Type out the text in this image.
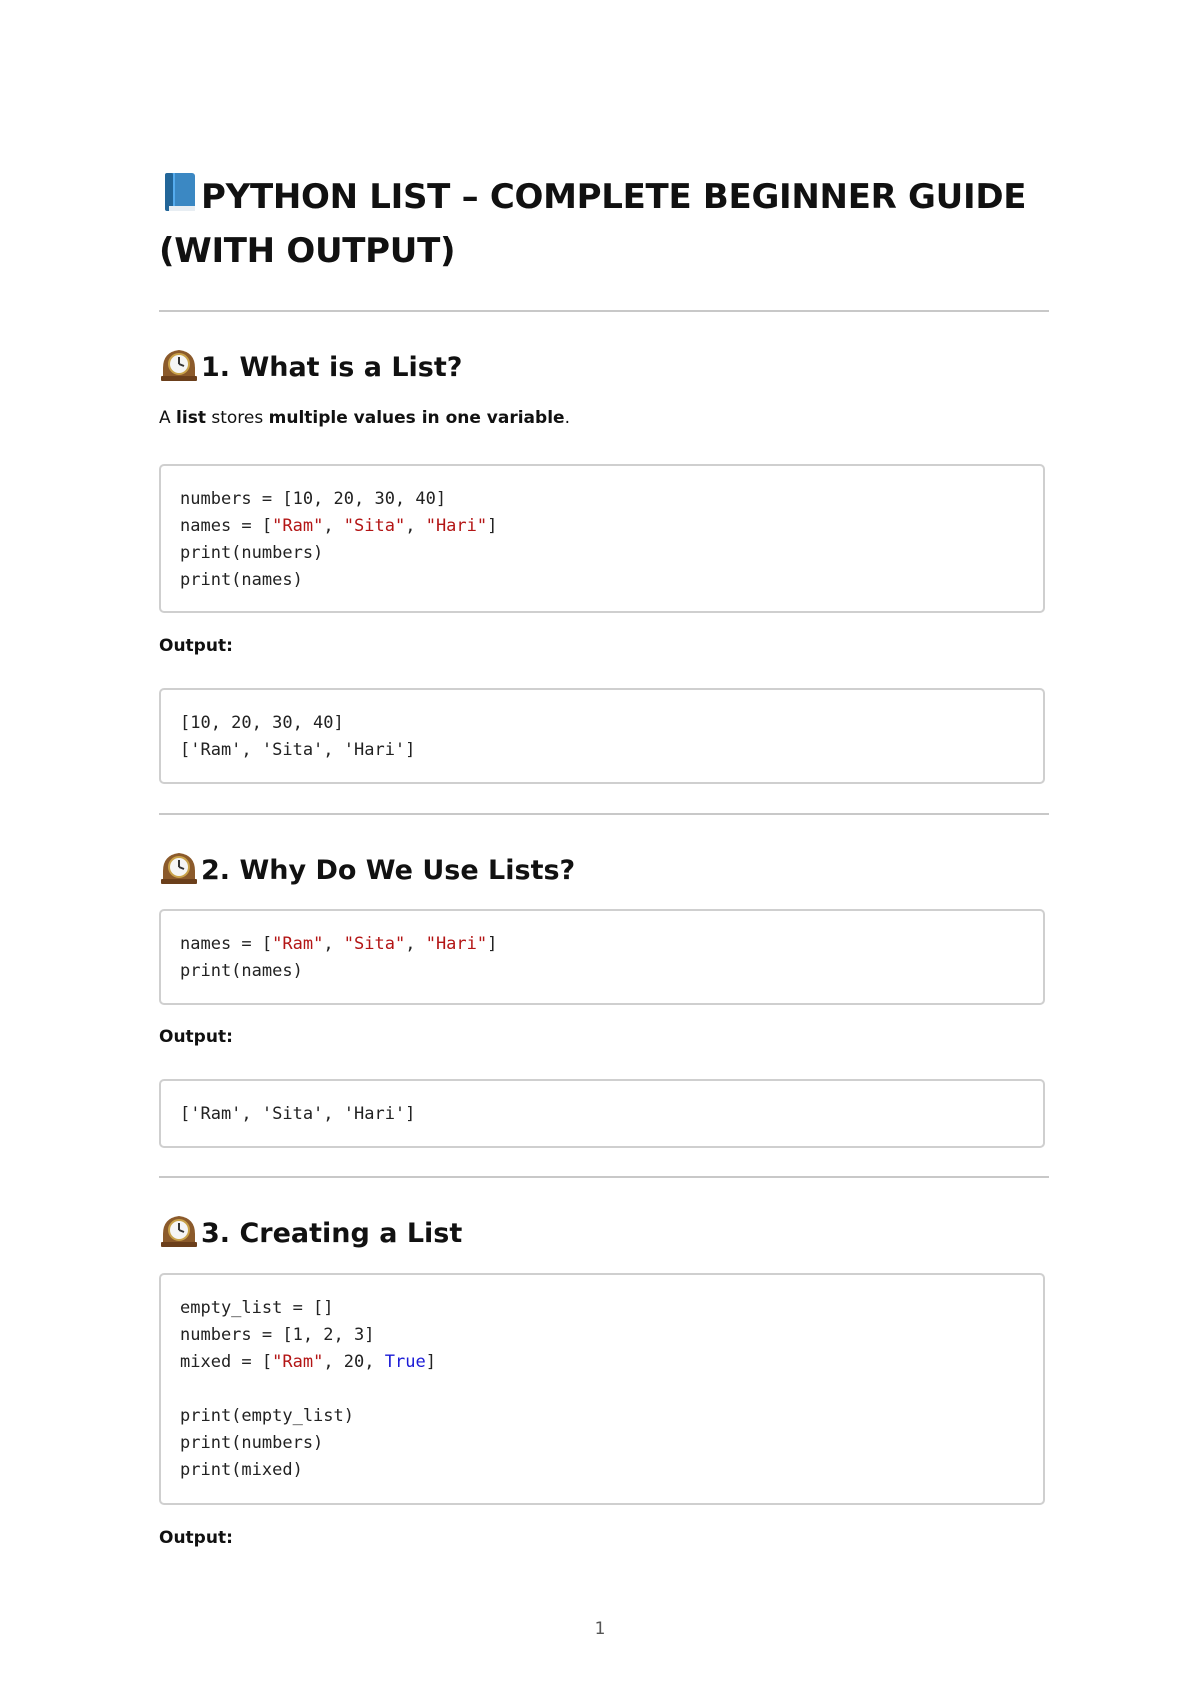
PYTHON LIST – COMPLETE BEGINNER GUIDE (WITH OUTPUT)
1. What is a List?

A list stores multiple values in one variable.

numbers = [10, 20, 30, 40]
names = ["Ram", "Sita", "Hari"]
print(numbers)
print(names)

Output:

[10, 20, 30, 40]
['Ram', 'Sita', 'Hari']
2. Why Do We Use Lists?
names = ["Ram", "Sita", "Hari"]
print(names)

Output:

['Ram', 'Sita', 'Hari']
3. Creating a List
empty_list = []
numbers = [1, 2, 3]
mixed = ["Ram", 20, True]
print(empty_list)
print(numbers)
print(mixed)

Output:

1
